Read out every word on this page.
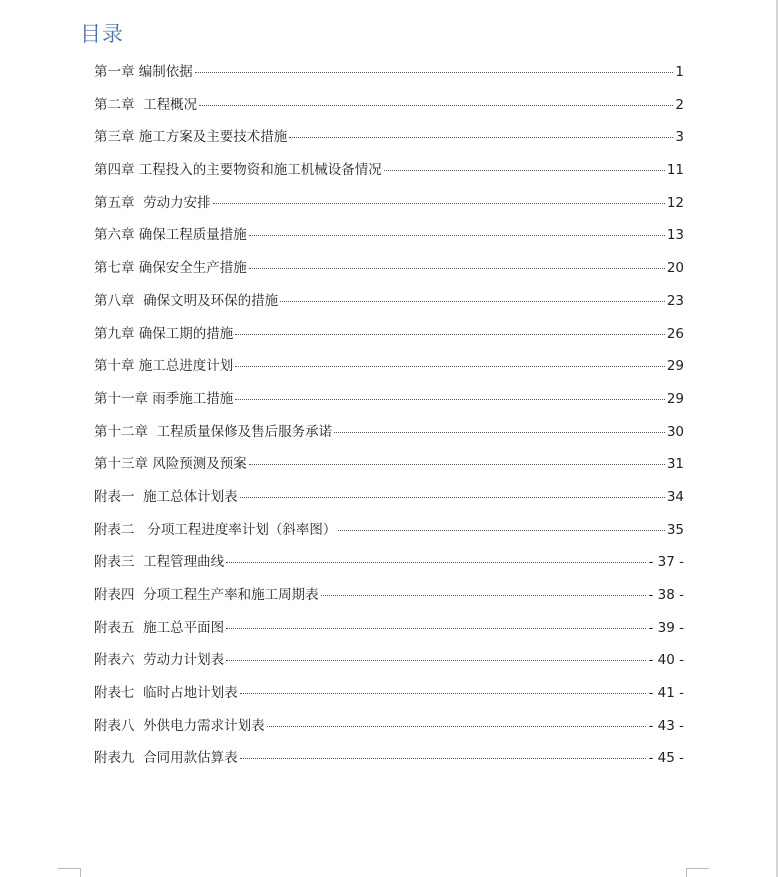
目录
第一章 编制依据	1
第二章  工程概况	2
第三章 施工方案及主要技术措施	3
第四章 工程投入的主要物资和施工机械设备情况	11
第五章  劳动力安排	12
第六章 确保工程质量措施	13
第七章 确保安全生产措施	20
第八章  确保文明及环保的措施	23
第九章 确保工期的措施	26
第十章 施工总进度计划	29
第十一章 雨季施工措施	29
第十二章  工程质量保修及售后服务承诺	30
第十三章 风险预测及预案	31
附表一  施工总体计划表	34
附表二   分项工程进度率计划（斜率图）	35
附表三  工程管理曲线	- 37 -
附表四  分项工程生产率和施工周期表	- 38 -
附表五  施工总平面图	- 39 -
附表六  劳动力计划表	- 40 -
附表七  临时占地计划表	- 41 -
附表八  外供电力需求计划表	- 43 -
附表九  合同用款估算表	- 45 -
